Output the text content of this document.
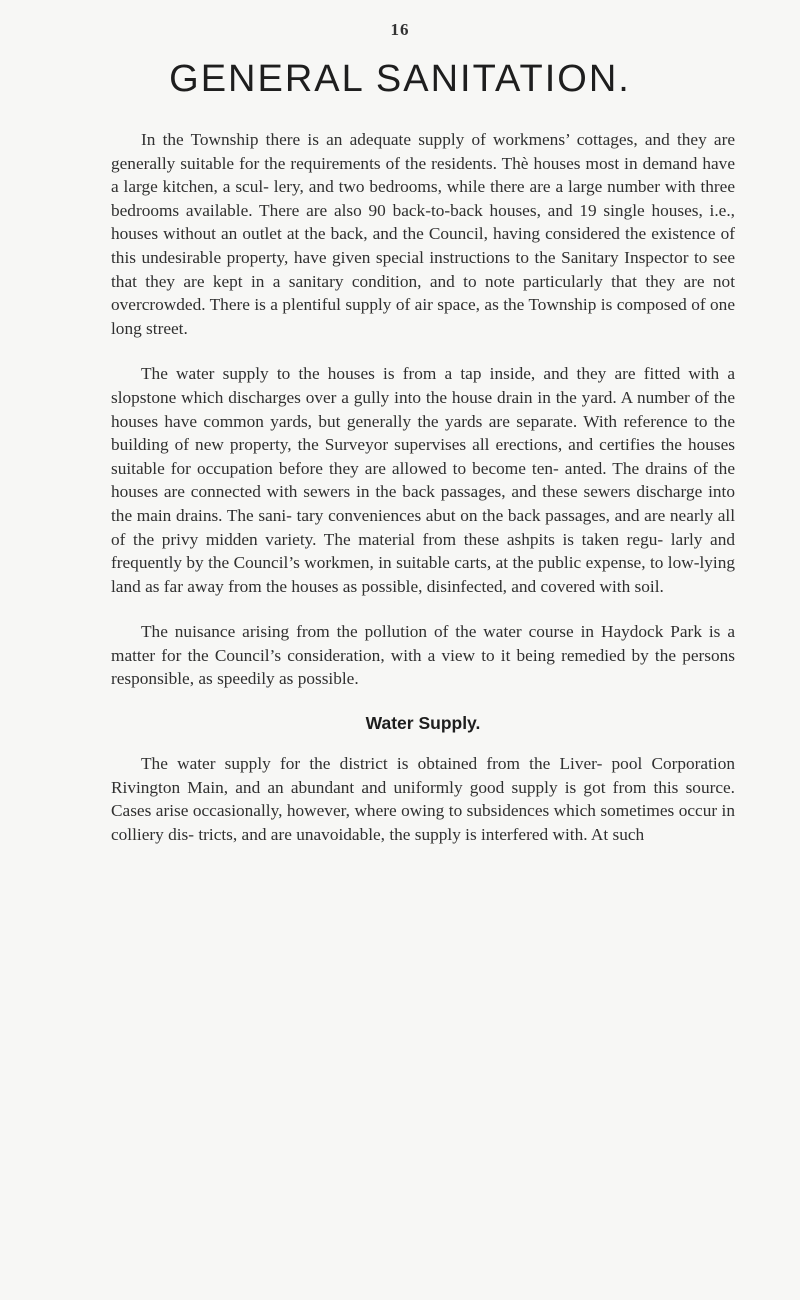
16
GENERAL SANITATION.

In the Township there is an adequate supply of workmens’ cottages, and they are generally suitable for the requirements of the residents. Thè houses most in demand have a large kitchen, a scul- lery, and two bedrooms, while there are a large number with three bedrooms available. There are also 90 back-to-back houses, and 19 single houses, i.e., houses without an outlet at the back, and the Council, having considered the existence of this undesirable property, have given special instructions to the Sanitary Inspector to see that they are kept in a sanitary condition, and to note particularly that they are not overcrowded. There is a plentiful supply of air space, as the Township is composed of one long street.

The water supply to the houses is from a tap inside, and they are fitted with a slopstone which discharges over a gully into the house drain in the yard. A number of the houses have common yards, but generally the yards are separate. With reference to the building of new property, the Surveyor supervises all erections, and certifies the houses suitable for occupation before they are allowed to become ten- anted. The drains of the houses are connected with sewers in the back passages, and these sewers discharge into the main drains. The sani- tary conveniences abut on the back passages, and are nearly all of the privy midden variety. The material from these ashpits is taken regu- larly and frequently by the Council’s workmen, in suitable carts, at the public expense, to low-lying land as far away from the houses as possible, disinfected, and covered with soil.

The nuisance arising from the pollution of the water course in Haydock Park is a matter for the Council’s consideration, with a view to it being remedied by the persons responsible, as speedily as possible.

Water Supply.

The water supply for the district is obtained from the Liver- pool Corporation Rivington Main, and an abundant and uniformly good supply is got from this source. Cases arise occasionally, however, where owing to subsidences which sometimes occur in colliery dis- tricts, and are unavoidable, the supply is interfered with. At such
